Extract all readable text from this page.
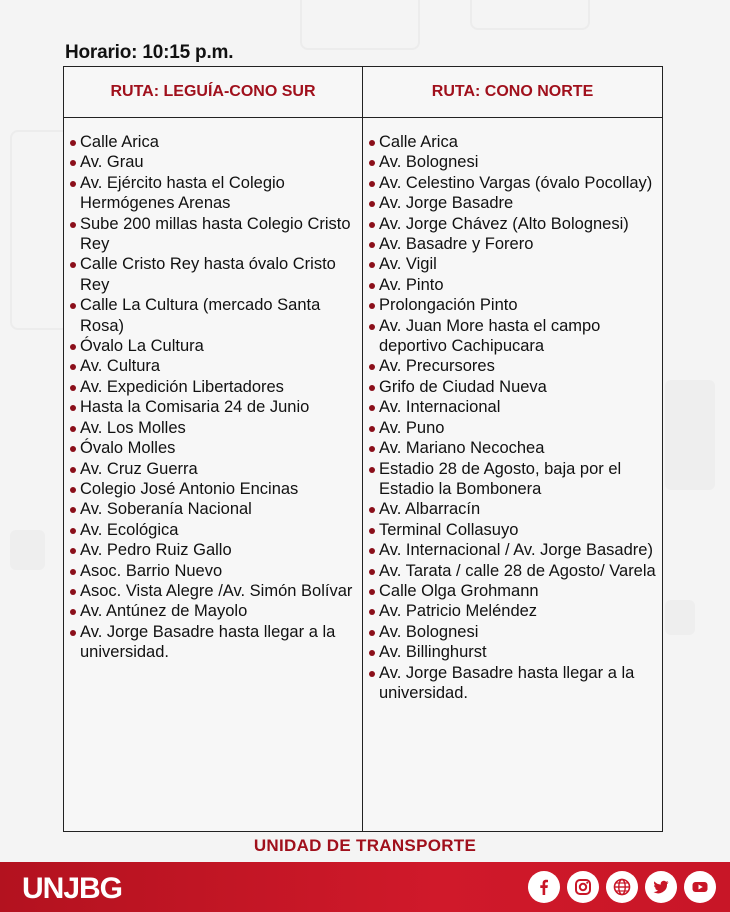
Horario: 10:15 p.m.
RUTA: LEGUÍA-CONO SUR	RUTA: CONO NORTE
Calle Arica
Av. Grau
Av. Ejército hasta el Colegio Hermógenes Arenas
Sube 200 millas hasta Colegio Cristo Rey
Calle Cristo Rey hasta óvalo Cristo Rey
Calle La Cultura (mercado Santa Rosa)
Óvalo La Cultura
Av. Cultura
Av. Expedición Libertadores
Hasta la Comisaria 24 de Junio
Av. Los Molles
Óvalo Molles
Av. Cruz Guerra
Colegio José Antonio Encinas
Av. Soberanía Nacional
Av. Ecológica
Av. Pedro Ruiz Gallo
Asoc. Barrio Nuevo
Asoc. Vista Alegre /Av. Simón Bolívar
Av. Antúnez de Mayolo
Av. Jorge Basadre hasta llegar a la universidad.
Calle Arica
Av. Bolognesi
Av. Celestino Vargas (óvalo Pocollay)
Av. Jorge Basadre
Av. Jorge Chávez (Alto Bolognesi)
Av. Basadre y Forero
Av. Vigil
Av. Pinto
Prolongación Pinto
Av. Juan More hasta el campo deportivo Cachipucara
Av. Precursores
Grifo de Ciudad Nueva
Av. Internacional
Av. Puno
Av. Mariano Necochea
Estadio 28 de Agosto, baja por el Estadio la Bombonera
Av. Albarracín
Terminal Collasuyo
Av. Internacional / Av. Jorge Basadre)
Av. Tarata / calle 28 de Agosto/ Varela
Calle Olga Grohmann
Av. Patricio Meléndez
Av. Bolognesi
Av. Billinghurst
Av. Jorge Basadre hasta llegar a la universidad.
UNIDAD DE TRANSPORTE
UNJBG
